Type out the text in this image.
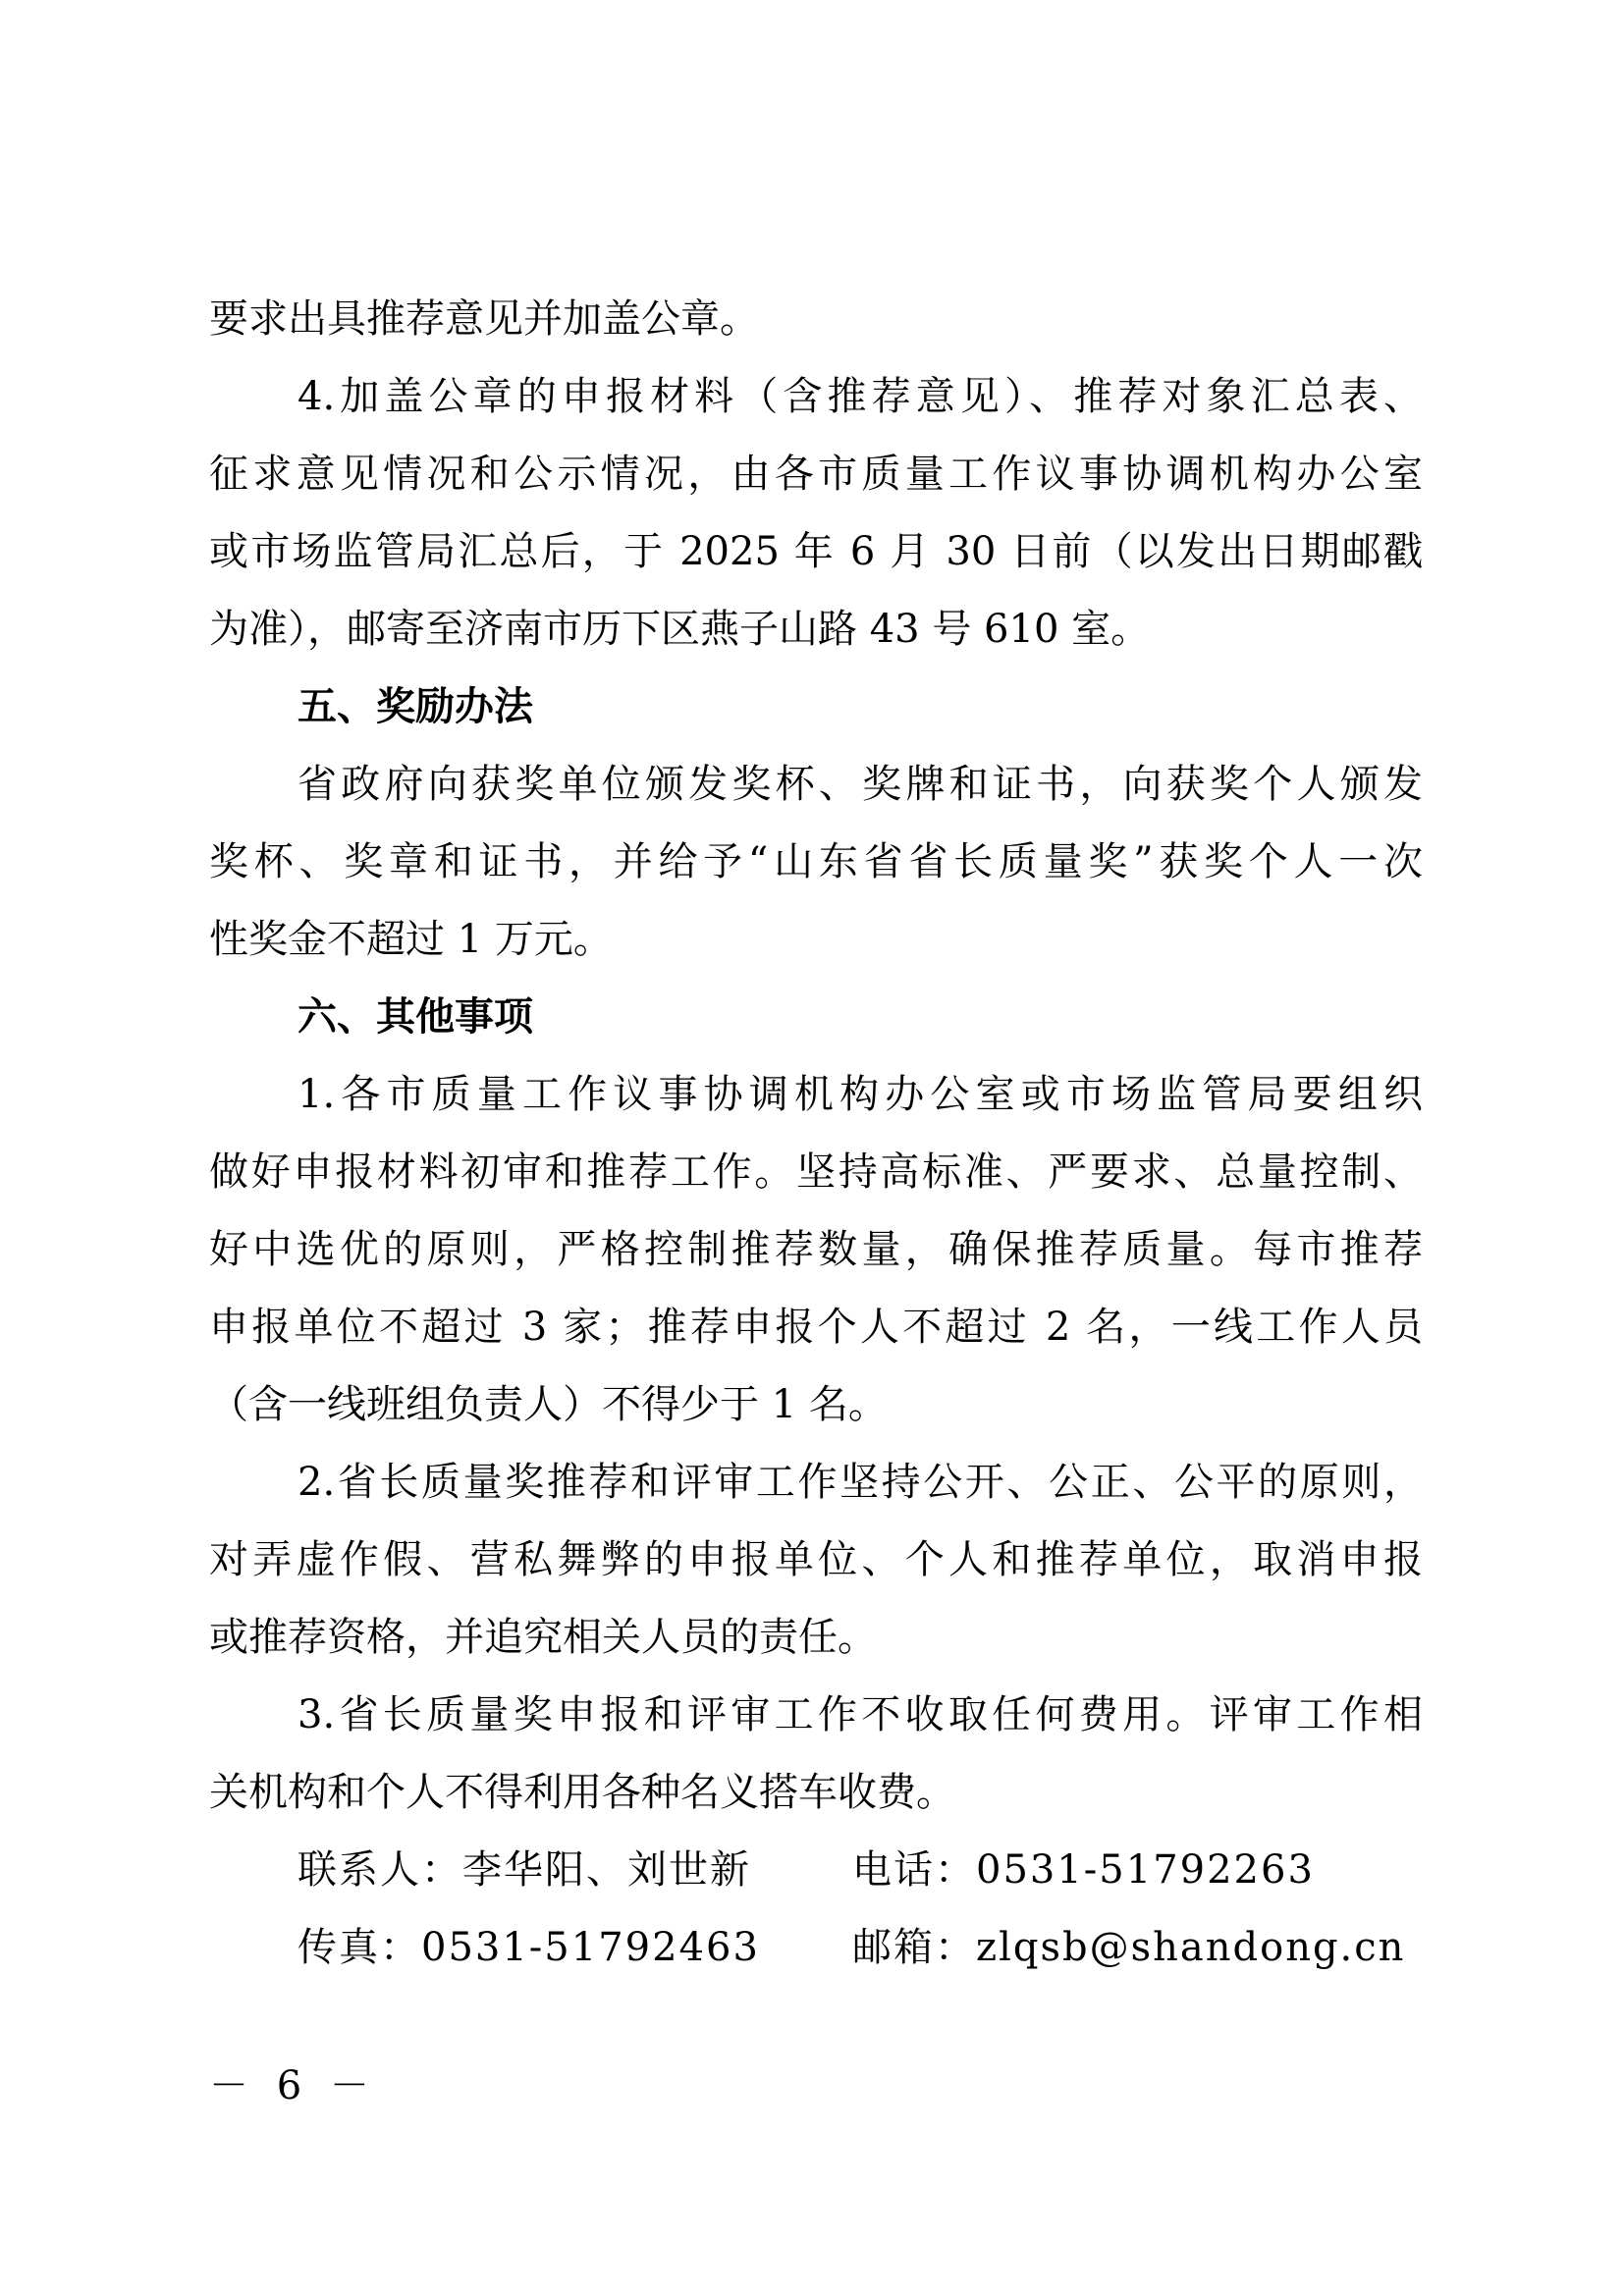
要求出具推荐意见并加盖公章。
4.加盖公章的申报材料（含推荐意见）、推荐对象汇总表、
征求意见情况和公示情况，由各市质量工作议事协调机构办公室
或市场监管局汇总后，于 2025 年 6 月 30 日前（以发出日期邮戳
为准），邮寄至济南市历下区燕子山路 43 号 610 室。
五、奖励办法
省政府向获奖单位颁发奖杯、奖牌和证书，向获奖个人颁发
奖杯、奖章和证书，并给予“山东省省长质量奖”获奖个人一次
性奖金不超过 1 万元。
六、其他事项
1.各市质量工作议事协调机构办公室或市场监管局要组织
做好申报材料初审和推荐工作。坚持高标准、严要求、总量控制、
好中选优的原则，严格控制推荐数量，确保推荐质量。每市推荐
申报单位不超过 3 家；推荐申报个人不超过 2 名，一线工作人员
（含一线班组负责人）不得少于 1 名。
2.省长质量奖推荐和评审工作坚持公开、公正、公平的原则，
对弄虚作假、营私舞弊的申报单位、个人和推荐单位，取消申报
或推荐资格，并追究相关人员的责任。
3.省长质量奖申报和评审工作不收取任何费用。评审工作相
关机构和个人不得利用各种名义搭车收费。
联系人：李华阳、刘世新	电话：0531-51792263
传真：0531-51792463 邮箱：zlqsb@shandong.cn
－ 6 －
